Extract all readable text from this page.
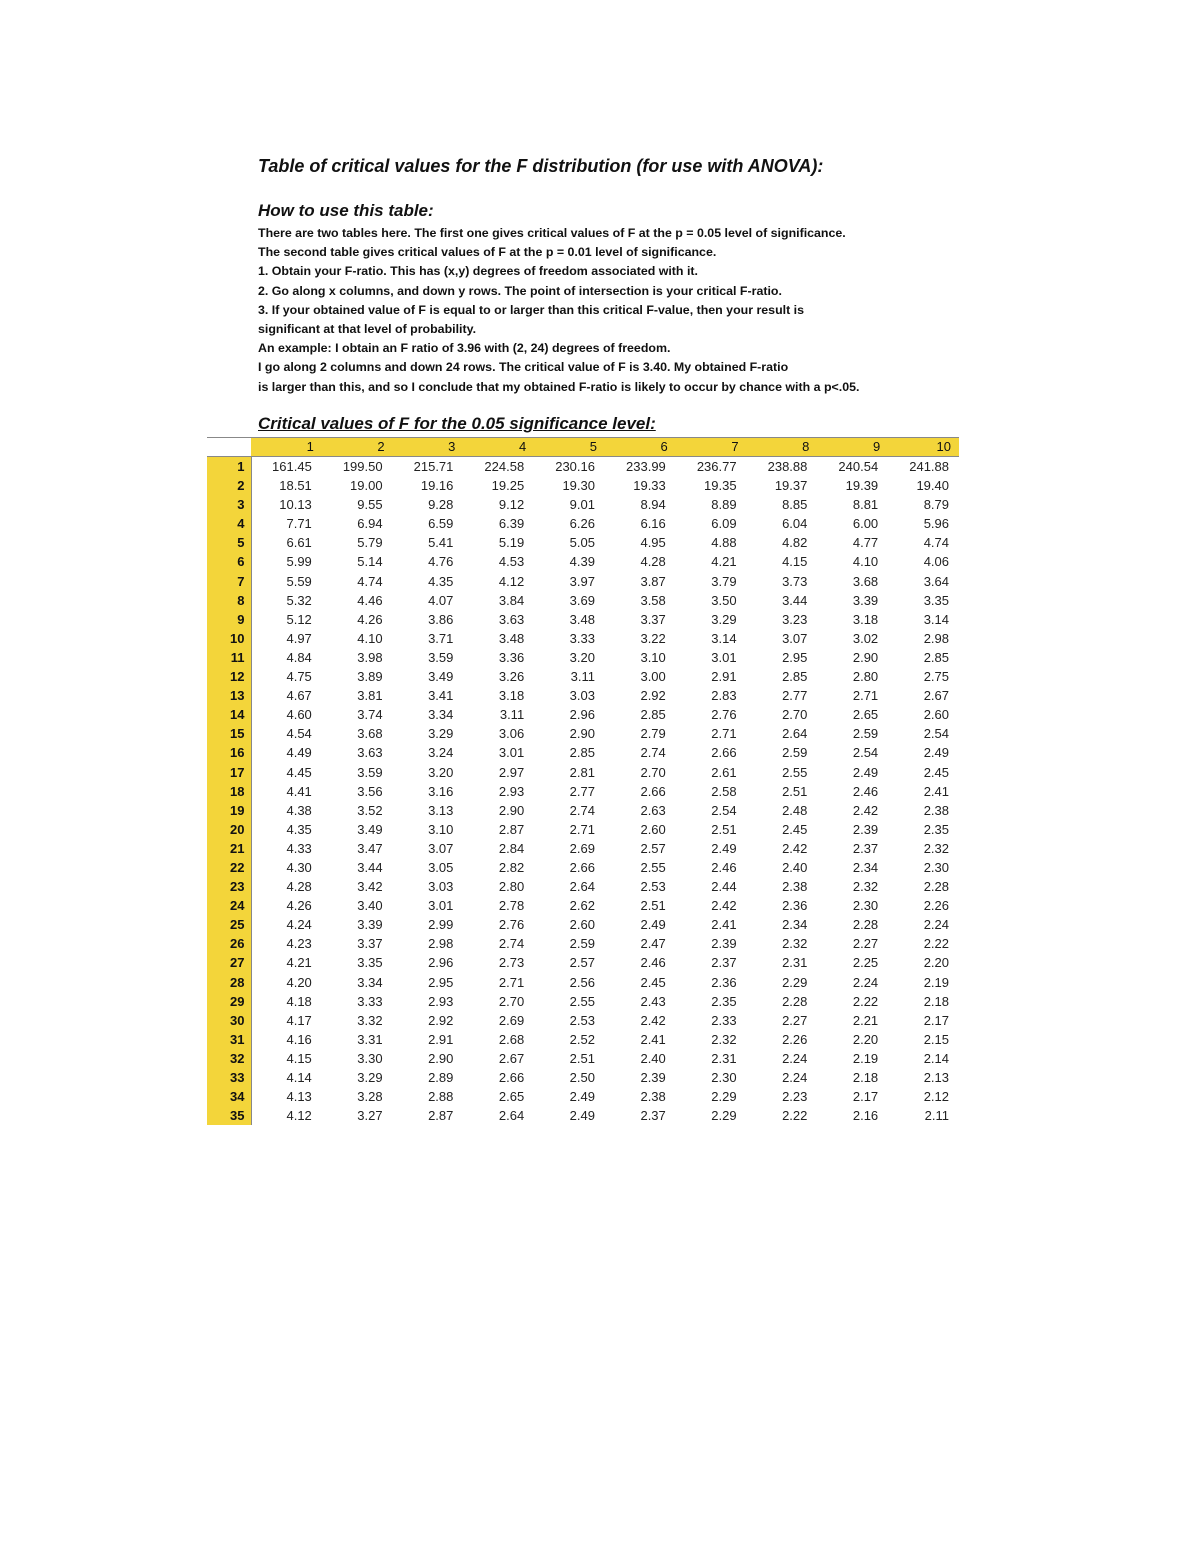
Table of critical values for the F distribution (for use with ANOVA):
How to use this table:
There are two tables here. The first one gives critical values of F at the p = 0.05 level of significance.
The second table gives critical values of F at the p = 0.01 level of significance.
1. Obtain your F-ratio. This has (x,y) degrees of freedom associated with it.
2. Go along x columns, and down y rows. The point of intersection is your critical F-ratio.
3. If your obtained value of F is equal to or larger than this critical F-value, then your result is
significant at that level of probability.
An example: I obtain an F ratio of 3.96 with (2, 24) degrees of freedom.
I go along 2 columns and down 24 rows. The critical value of F is 3.40. My obtained F-ratio
is larger than this, and so I conclude that my obtained F-ratio is likely to occur by chance with a p<.05.
Critical values of F for the 0.05 significance level:
	1	2	3	4	5	6	7	8	9	10
1	161.45	199.50	215.71	224.58	230.16	233.99	236.77	238.88	240.54	241.88
2	18.51	19.00	19.16	19.25	19.30	19.33	19.35	19.37	19.39	19.40
3	10.13	9.55	9.28	9.12	9.01	8.94	8.89	8.85	8.81	8.79
4	7.71	6.94	6.59	6.39	6.26	6.16	6.09	6.04	6.00	5.96
5	6.61	5.79	5.41	5.19	5.05	4.95	4.88	4.82	4.77	4.74
6	5.99	5.14	4.76	4.53	4.39	4.28	4.21	4.15	4.10	4.06
7	5.59	4.74	4.35	4.12	3.97	3.87	3.79	3.73	3.68	3.64
8	5.32	4.46	4.07	3.84	3.69	3.58	3.50	3.44	3.39	3.35
9	5.12	4.26	3.86	3.63	3.48	3.37	3.29	3.23	3.18	3.14
10	4.97	4.10	3.71	3.48	3.33	3.22	3.14	3.07	3.02	2.98
11	4.84	3.98	3.59	3.36	3.20	3.10	3.01	2.95	2.90	2.85
12	4.75	3.89	3.49	3.26	3.11	3.00	2.91	2.85	2.80	2.75
13	4.67	3.81	3.41	3.18	3.03	2.92	2.83	2.77	2.71	2.67
14	4.60	3.74	3.34	3.11	2.96	2.85	2.76	2.70	2.65	2.60
15	4.54	3.68	3.29	3.06	2.90	2.79	2.71	2.64	2.59	2.54
16	4.49	3.63	3.24	3.01	2.85	2.74	2.66	2.59	2.54	2.49
17	4.45	3.59	3.20	2.97	2.81	2.70	2.61	2.55	2.49	2.45
18	4.41	3.56	3.16	2.93	2.77	2.66	2.58	2.51	2.46	2.41
19	4.38	3.52	3.13	2.90	2.74	2.63	2.54	2.48	2.42	2.38
20	4.35	3.49	3.10	2.87	2.71	2.60	2.51	2.45	2.39	2.35
21	4.33	3.47	3.07	2.84	2.69	2.57	2.49	2.42	2.37	2.32
22	4.30	3.44	3.05	2.82	2.66	2.55	2.46	2.40	2.34	2.30
23	4.28	3.42	3.03	2.80	2.64	2.53	2.44	2.38	2.32	2.28
24	4.26	3.40	3.01	2.78	2.62	2.51	2.42	2.36	2.30	2.26
25	4.24	3.39	2.99	2.76	2.60	2.49	2.41	2.34	2.28	2.24
26	4.23	3.37	2.98	2.74	2.59	2.47	2.39	2.32	2.27	2.22
27	4.21	3.35	2.96	2.73	2.57	2.46	2.37	2.31	2.25	2.20
28	4.20	3.34	2.95	2.71	2.56	2.45	2.36	2.29	2.24	2.19
29	4.18	3.33	2.93	2.70	2.55	2.43	2.35	2.28	2.22	2.18
30	4.17	3.32	2.92	2.69	2.53	2.42	2.33	2.27	2.21	2.17
31	4.16	3.31	2.91	2.68	2.52	2.41	2.32	2.26	2.20	2.15
32	4.15	3.30	2.90	2.67	2.51	2.40	2.31	2.24	2.19	2.14
33	4.14	3.29	2.89	2.66	2.50	2.39	2.30	2.24	2.18	2.13
34	4.13	3.28	2.88	2.65	2.49	2.38	2.29	2.23	2.17	2.12
35	4.12	3.27	2.87	2.64	2.49	2.37	2.29	2.22	2.16	2.11
